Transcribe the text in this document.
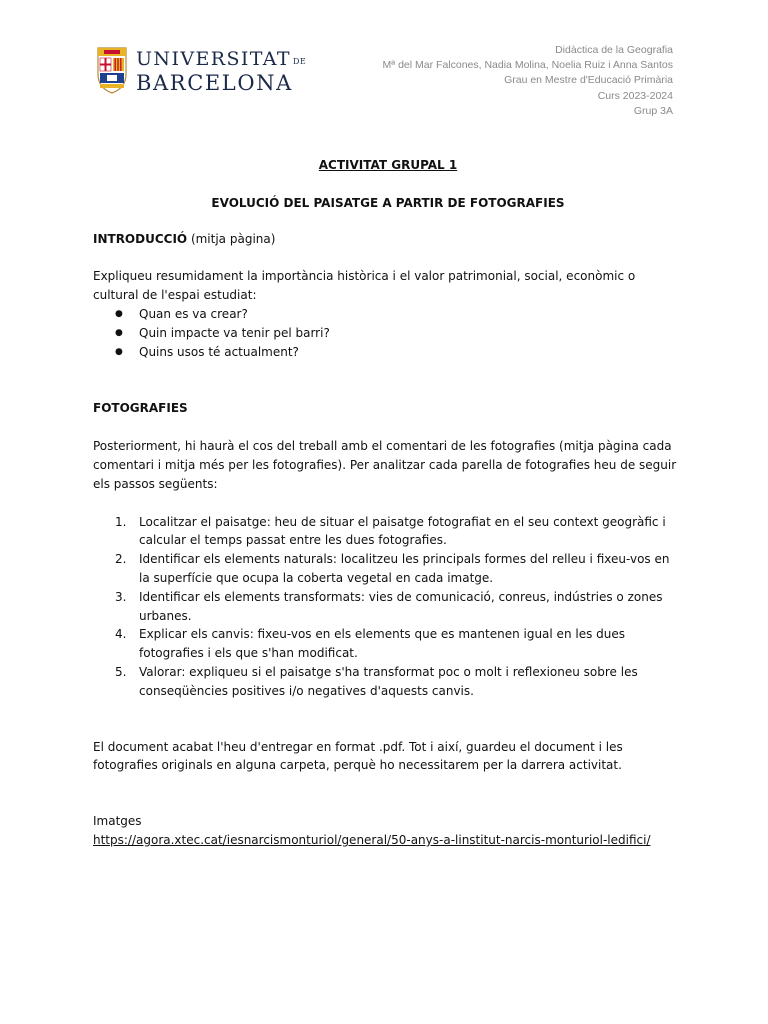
UNIVERSITAT DE
BARCELONA
Didàctica de la Geografia
Mª del Mar Falcones, Nadia Molina, Noelia Ruiz i Anna Santos
Grau en Mestre d'Educació Primària
Curs 2023-2024
Grup 3A
ACTIVITAT GRUPAL 1
EVOLUCIÓ DEL PAISATGE A PARTIR DE FOTOGRAFIES
INTRODUCCIÓ (mitja pàgina)

Expliqueu resumidament la importància històrica i el valor patrimonial, social, econòmic o cultural de l'espai estudiat:

● Quan es va crear?
● Quin impacte va tenir pel barri?
● Quins usos té actualment?
FOTOGRAFIES

Posteriorment, hi haurà el cos del treball amb el comentari de les fotografies (mitja pàgina cada comentari i mitja més per les fotografies). Per analitzar cada parella de fotografies heu de seguir els passos següents:

1. Localitzar el paisatge: heu de situar el paisatge fotografiat en el seu context geogràfic i calcular el temps passat entre les dues fotografies.
2. Identificar els elements naturals: localitzeu les principals formes del relleu i fixeu-vos en la superfície que ocupa la coberta vegetal en cada imatge.
3. Identificar els elements transformats: vies de comunicació, conreus, indústries o zones urbanes.
4. Explicar els canvis: fixeu-vos en els elements que es mantenen igual en les dues fotografies i els que s'han modificat.
5. Valorar: expliqueu si el paisatge s'ha transformat poc o molt i reflexioneu sobre les conseqüències positives i/o negatives d'aquests canvis.

El document acabat l'heu d'entregar en format .pdf. Tot i així, guardeu el document i les fotografies originals en alguna carpeta, perquè ho necessitarem per la darrera activitat.

Imatges

https://agora.xtec.cat/iesnarcismonturiol/general/50-anys-a-linstitut-narcis-monturiol-ledifici/
